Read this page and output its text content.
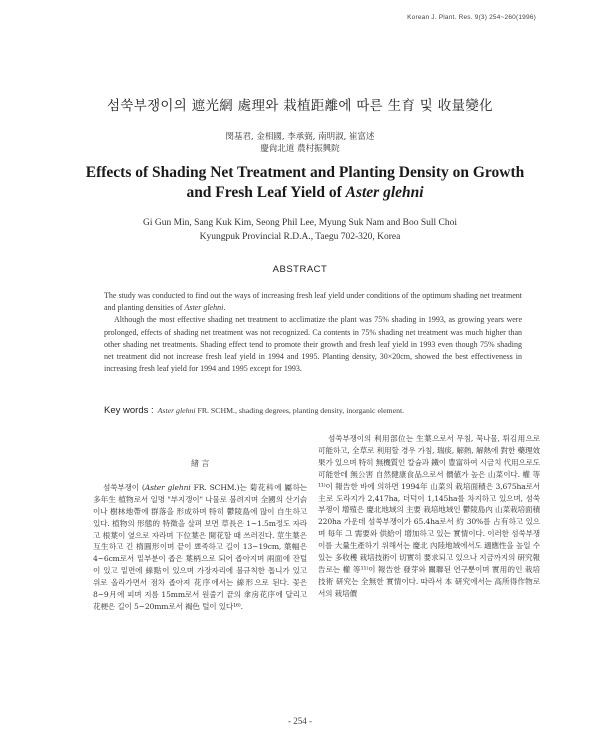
Korean J. Plant. Res. 9(3) 254~260(1996)
섬쑥부쟁이의 遮光網 處理와 栽植距離에 따른 生育 및 收量變化
閔基君, 金相國, 李承弼, 南明淑, 崔富述
慶尙北道 農村振興院
Effects of Shading Net Treatment and Planting Density on Growth
and Fresh Leaf Yield of Aster glehni
Gi Gun Min, Sang Kuk Kim, Seong Phil Lee, Myung Suk Nam and Boo Sull Choi
Kyungpuk Provincial R.D.A., Taegu 702-320, Korea
ABSTRACT

The study was conducted to find out the ways of increasing fresh leaf yield under conditions of the optimum shading net treatment and planting densities of Aster glehni.

Although the most effective shading net treatment to acclimatize the plant was 75% shading in 1993, as growing years were prolonged, effects of shading net treatment was not recognized. Ca contents in 75% shading net treatment was much higher than other shading net treatments. Shading effect tend to promote their growth and fresh leaf yield in 1993 even though 75% shading net treatment did not increase fresh leaf yield in 1994 and 1995. Planting density, 30×20cm, showed the best effectiveness in increasing fresh leaf yield for 1994 and 1995 except for 1993.

Key words : Aster glehni FR. SCHM., shading degrees, planting density, inorganic element.
緖 言

섬쑥부쟁이 (Aster glehni FR. SCHM.)는 菊花科에 屬하는 多年生 植物로서 일명 "부지갱이" 나물로 불려지며 全國의 산기슭이나 樹林地帶에 群落을 形成하며 特히 鬱陵島에 많이 自生하고 있다. 植物의 形態的 特徵을 살펴 보면 草長은 1~1.5m정도 자라고 根葉이 옆으로 자라며 下位葉은 開花할 때 쓰러진다. 莖生葉은 互生하고 긴 楕圓形이며 끝이 뾰족하고 길이 13~19cm, 葉幅은 4~6cm로서 밑부분이 좁은 葉柄으로 되어 좁아지며 兩面에 잔털이 있고 밑면에 線點이 있으며 가장자리에 불규칙한 톱니가 있고 위로 올라가면서 점차 좁아져 花序에서는 線形으로 된다. 꽃은 8~9月에 피며 지름 15mm로서 원줄기 끝의 傘房花序에 달리고 花梗은 길이 5~20mm로서 褐色 털이 있다¹⁶⁾.

섬쑥부쟁이의 利用部位는 生葉으로서 무침, 묵나물, 튀김用으로 可能하고, 全草로 利用할 경우 가침, 瑞痰, 解熱, 解熱에 對한 藥理效果가 있으며 特히 無機質인 칼슘과 鐵이 豊富하여 시금치 代用으로도 可能한데 無公害 自然健康食品으로서 價値가 높은 山菜이다. 權 等¹¹⁾이 報告한 바에 의하면 1994年 山菜의 栽培面積은 3,675ha로서 主로 도라지가 2,417ha, 더덕이 1,145ha를 차지하고 있으며, 섬쑥부쟁이 增殖은 慶北地域의 主要 栽培地域인 鬱陵島內 山菜栽培面積 220ha 가운데 섬쑥부쟁이가 65.4ha로서 約 30%를 占有하고 있으며 每年 그 需要와 供給이 增加하고 있는 實情이다. 이러한 섬쑥부쟁이를 大量生產하기 위해서는 慶北 內陸地域에서도 適應性을 높일 수 있는 多收穫 栽培技術이 切實히 要求되고 있으나 지금까지의 研究報告로는 權 等¹¹⁾이 報告한 發芽와 關聯된 연구뿐이며 實用的인 栽培 技術 研究는 全無한 實情이다. 따라서 本 研究에서는 高所得作物로서의 栽培價

- 254 -
